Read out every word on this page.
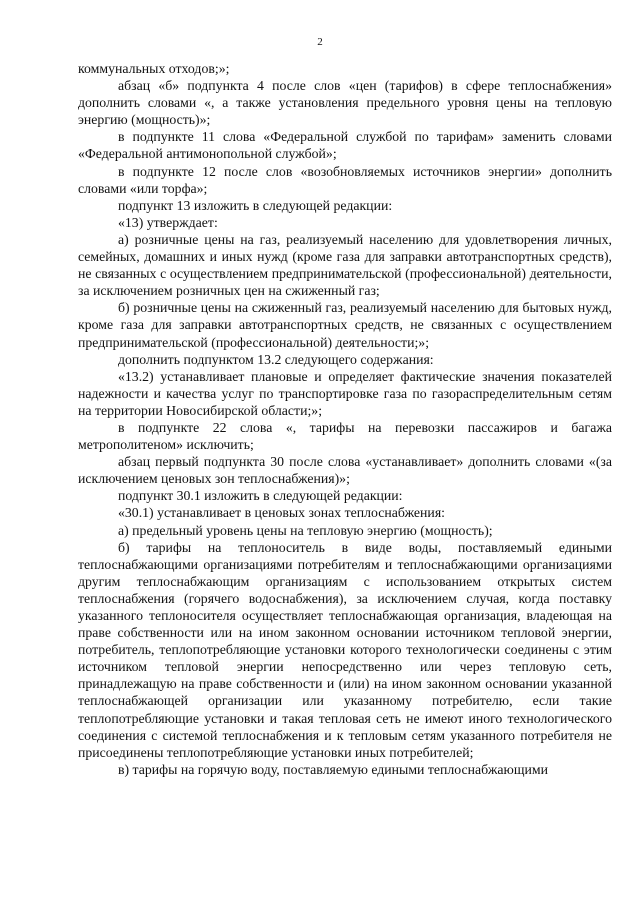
2

коммунальных отходов;»;

абзац «б» подпункта 4 после слов «цен (тарифов) в сфере теплоснабжения» дополнить словами «, а также установления предельного уровня цены на тепловую энергию (мощность)»;

в подпункте 11 слова «Федеральной службой по тарифам» заменить словами «Федеральной антимонопольной службой»;

в подпункте 12 после слов «возобновляемых источников энергии» дополнить словами «или торфа»;

подпункт 13 изложить в следующей редакции:

«13) утверждает:

а) розничные цены на газ, реализуемый населению для удовлетворения личных, семейных, домашних и иных нужд (кроме газа для заправки автотранспортных средств), не связанных с осуществлением предпринимательской (профессиональной) деятельности, за исключением розничных цен на сжиженный газ;

б) розничные цены на сжиженный газ, реализуемый населению для бытовых нужд, кроме газа для заправки автотранспортных средств, не связанных с осуществлением предпринимательской (профессиональной) деятельности;»;

дополнить подпунктом 13.2 следующего содержания:

«13.2) устанавливает плановые и определяет фактические значения показателей надежности и качества услуг по транспортировке газа по газораспределительным сетям на территории Новосибирской области;»;

в подпункте 22 слова «, тарифы на перевозки пассажиров и багажа метрополитеном» исключить;

абзац первый подпункта 30 после слова «устанавливает» дополнить словами «(за исключением ценовых зон теплоснабжения)»;

подпункт 30.1 изложить в следующей редакции:

«30.1) устанавливает в ценовых зонах теплоснабжения:

а) предельный уровень цены на тепловую энергию (мощность);

б) тарифы на теплоноситель в виде воды, поставляемый едиными теплоснабжающими организациями потребителям и теплоснабжающими организациями другим теплоснабжающим организациям с использованием открытых систем теплоснабжения (горячего водоснабжения), за исключением случая, когда поставку указанного теплоносителя осуществляет теплоснабжающая организация, владеющая на праве собственности или на ином законном основании источником тепловой энергии, потребитель, теплопотребляющие установки которого технологически соединены с этим источником тепловой энергии непосредственно или через тепловую сеть, принадлежащую на праве собственности и (или) на ином законном основании указанной теплоснабжающей организации или указанному потребителю, если такие теплопотребляющие установки и такая тепловая сеть не имеют иного технологического соединения с системой теплоснабжения и к тепловым сетям указанного потребителя не присоединены теплопотребляющие установки иных потребителей;

в) тарифы на горячую воду, поставляемую едиными теплоснабжающими
